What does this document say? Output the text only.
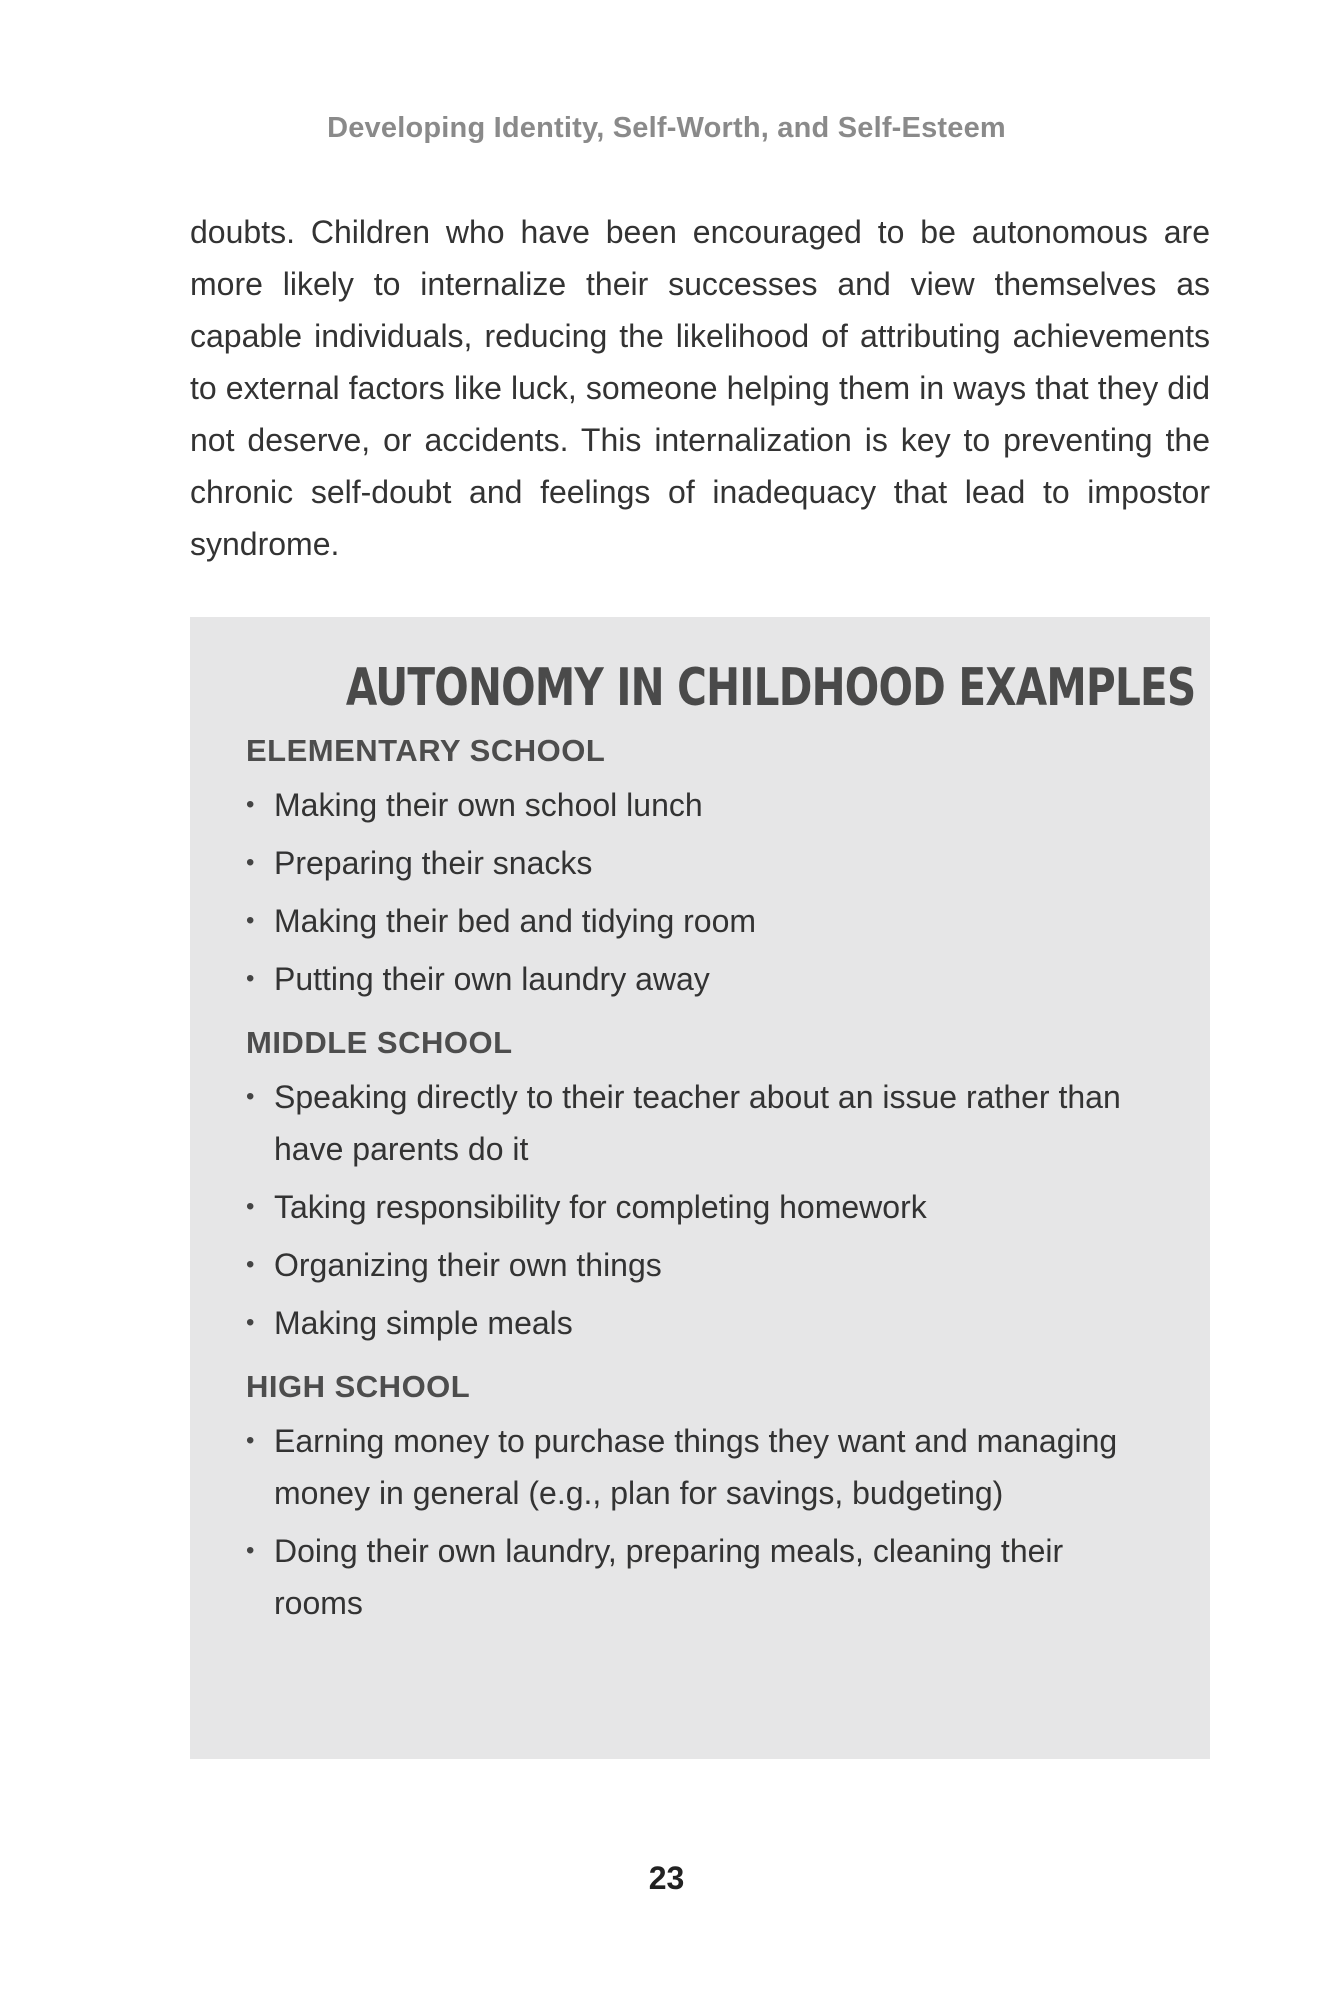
Developing Identity, Self-Worth, and Self-Esteem

doubts. Children who have been encouraged to be autonomous are more likely to internalize their successes and view themselves as capable individuals, reducing the likelihood of attributing achievements to external factors like luck, someone helping them in ways that they did not deserve, or accidents. This internalization is key to preventing the chronic self-doubt and feelings of inadequacy that lead to impostor syndrome.

AUTONOMY IN CHILDHOOD EXAMPLES
ELEMENTARY SCHOOL
• Making their own school lunch
• Preparing their snacks
• Making their bed and tidying room
• Putting their own laundry away
MIDDLE SCHOOL
• Speaking directly to their teacher about an issue rather than have parents do it
• Taking responsibility for completing homework
• Organizing their own things
• Making simple meals
HIGH SCHOOL
• Earning money to purchase things they want and managing money in general (e.g., plan for savings, budgeting)
• Doing their own laundry, preparing meals, cleaning their rooms
23
